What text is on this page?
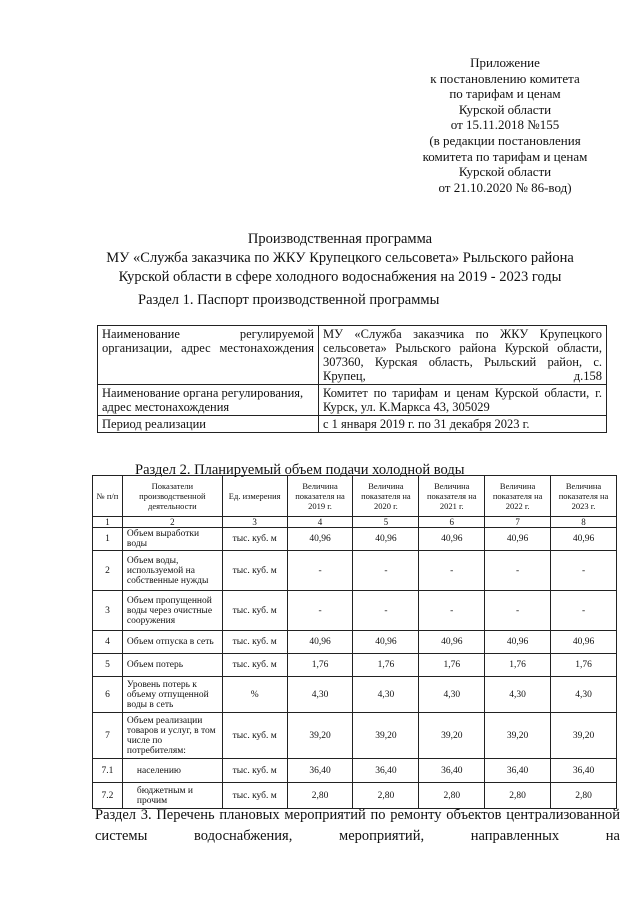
Приложение
к постановлению комитета
по тарифам и ценам
Курской области
от 15.11.2018 №155
(в редакции постановления
комитета по тарифам и ценам
Курской области
от 21.10.2020 № 86-вод)
Производственная программа
МУ «Служба заказчика по ЖКУ Крупецкого сельсовета» Рыльского района
Курской области в сфере холодного водоснабжения на 2019 - 2023 годы
Раздел 1. Паспорт производственной программы
Наименование регулируемой организации, адрес местонахождения	МУ «Служба заказчика по ЖКУ Крупецкого сельсовета» Рыльского района Курской области, 307360, Курская область, Рыльский район, с. Крупец, д.158
Наименование органа регулирования, адрес местонахождения	Комитет по тарифам и ценам Курской области, г. Курск, ул. К.Маркса 43, 305029
Период реализации	с 1 января 2019 г. по 31 декабря 2023 г.
Раздел 2. Планируемый объем подачи холодной воды
№ п/п	Показатели производственной деятельности	Ед. измерения	Величина показателя на 2019 г.	Величина показателя на 2020 г.	Величина показателя на 2021 г.	Величина показателя на 2022 г.	Величина показателя на 2023 г.
1	2	3	4	5	6	7	8
1	Объем выработки воды	тыс. куб. м	40,96	40,96	40,96	40,96	40,96
2	Объем воды, используемой на собственные нужды	тыс. куб. м	-	-	-	-	-
3	Объем пропущенной воды через очистные сооружения	тыс. куб. м	-	-	-	-	-
4	Объем отпуска в сеть	тыс. куб. м	40,96	40,96	40,96	40,96	40,96
5	Объем потерь	тыс. куб. м	1,76	1,76	1,76	1,76	1,76
6	Уровень потерь к объему отпущенной воды в сеть	%	4,30	4,30	4,30	4,30	4,30
7	Объем реализации товаров и услуг, в том числе по потребителям:	тыс. куб. м	39,20	39,20	39,20	39,20	39,20
7.1	населению	тыс. куб. м	36,40	36,40	36,40	36,40	36,40
7.2	бюджетным и прочим	тыс. куб. м	2,80	2,80	2,80	2,80	2,80
Раздел 3. Перечень плановых мероприятий по ремонту объектов централизованной системы водоснабжения, мероприятий, направленных на
